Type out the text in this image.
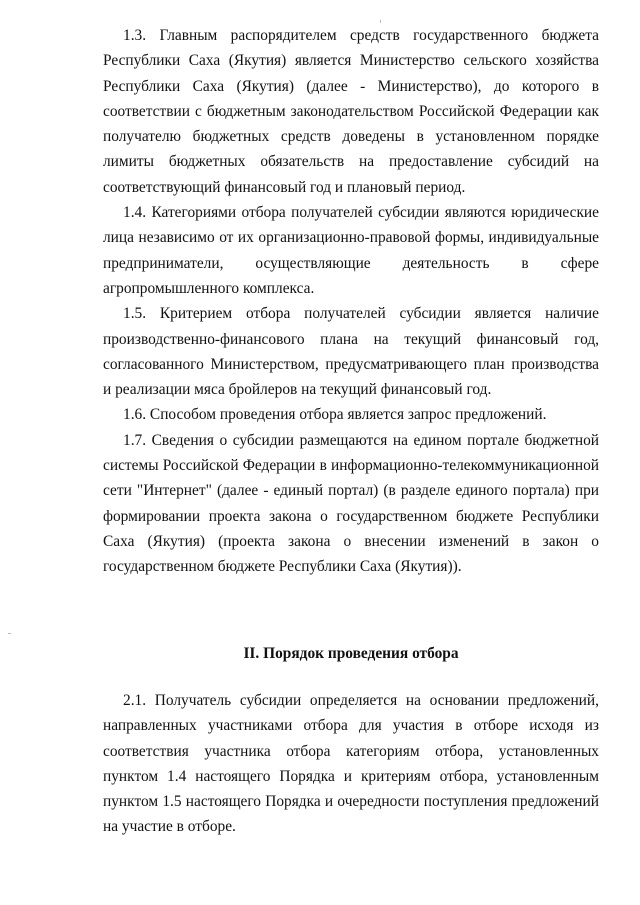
1.3. Главным распорядителем средств государственного бюджета Республики Саха (Якутия) является Министерство сельского хозяйства Республики Саха (Якутия) (далее - Министерство), до которого в соответствии с бюджетным законодательством Российской Федерации как получателю бюджетных средств доведены в установленном порядке лимиты бюджетных обязательств на предоставление субсидий на соответствующий финансовый год и плановый период.

1.4. Категориями отбора получателей субсидии являются юридические лица независимо от их организационно-правовой формы, индивидуальные предприниматели, осуществляющие деятельность в сфере агропромышленного комплекса.

1.5. Критерием отбора получателей субсидии является наличие производственно-финансового плана на текущий финансовый год, согласованного Министерством, предусматривающего план производства и реализации мяса бройлеров на текущий финансовый год.

1.6. Способом проведения отбора является запрос предложений.

1.7. Сведения о субсидии размещаются на едином портале бюджетной системы Российской Федерации в информационно-телекоммуникационной сети "Интернет" (далее - единый портал) (в разделе единого портала) при формировании проекта закона о государственном бюджете Республики Саха (Якутия) (проекта закона о внесении изменений в закон о государственном бюджете Республики Саха (Якутия)).

II. Порядок проведения отбора

2.1. Получатель субсидии определяется на основании предложений, направленных участниками отбора для участия в отборе исходя из соответствия участника отбора категориям отбора, установленных пунктом 1.4 настоящего Порядка и критериям отбора, установленным пунктом 1.5 настоящего Порядка и очередности поступления предложений на участие в отборе.
